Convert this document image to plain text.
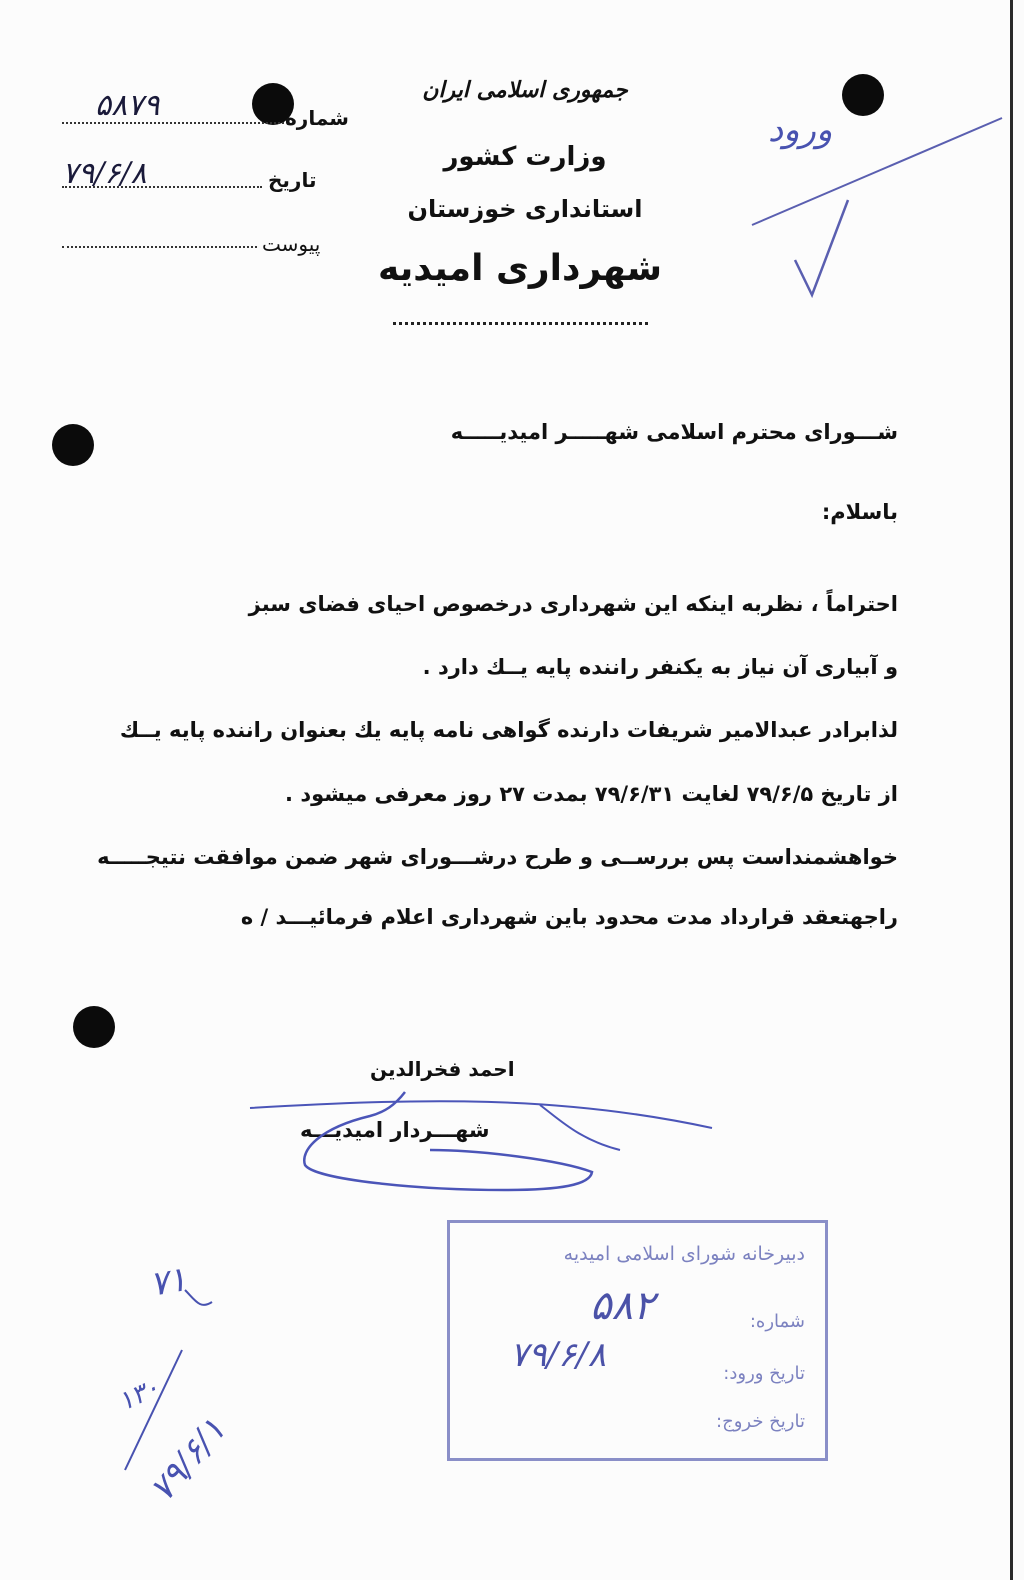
جمهوری اسلامی ایران
وزارت کشور
استانداری خوزستان
شهرداری امیدیه
شماره
۵۸۷۹
تاریخ
۷۹/۶/۸
پیوست
ورود
شـــورای محترم اسلامی شهـــــر امیدیـــــه
باسلام:
احتراماً ، نظربه اینکه این شهرداری درخصوص احیای فضای سبز
و آبیاری آن نیاز به یکنفر راننده پایه یــك دارد .
لذابرادر عبدالامیر شریفات دارنده گواهی نامه پایه یك بعنوان راننده پایه یــك
از تاریخ ۷۹/۶/۵ لغایت ۷۹/۶/۳۱ بمدت ۲۷ روز معرفی میشود .
خواهشمنداست پس بررســی و طرح درشـــورای شهر ضمن موافقت نتیجـــــه
راجهتعقد قرارداد مدت محدود باین شهرداری اعلام فرمائیـــد / ه
احمد فخرالدین
شهـــردار امیدیـــه
دبیرخانه شورای اسلامی امیدیه
شماره:
۵۸۲
تاریخ ورود:
۷۹/۶/۸
تاریخ خروج:
۷۱
۱۳۰
۷۹/۶/۱
